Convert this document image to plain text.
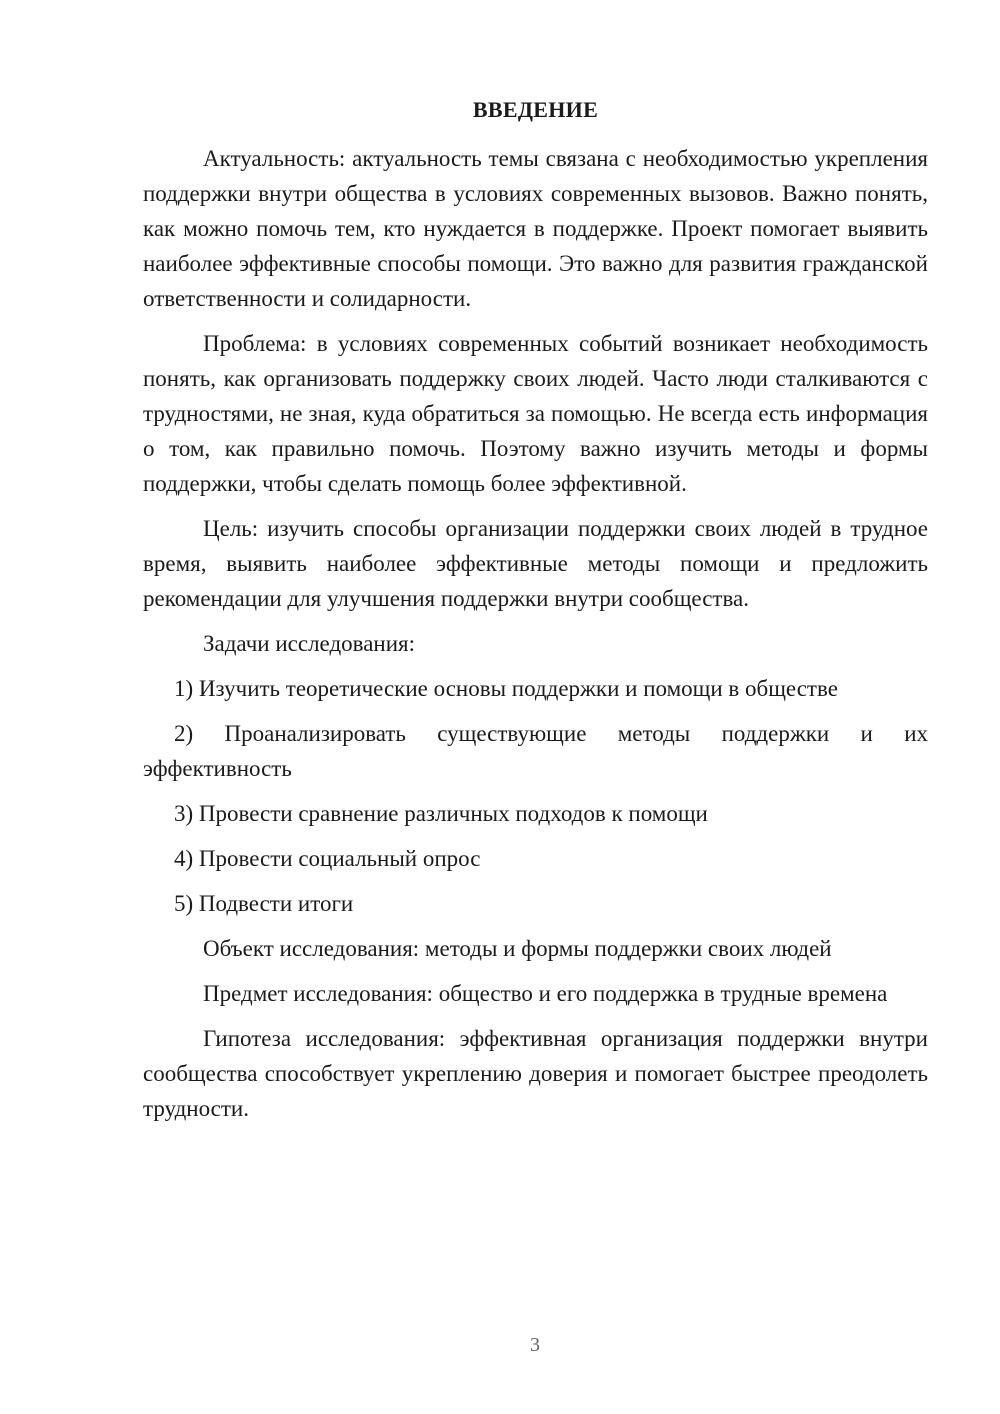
ВВЕДЕНИЕ

Актуальность: актуальность темы связана с необходимостью укрепления поддержки внутри общества в условиях современных вызовов. Важно понять, как можно помочь тем, кто нуждается в поддержке. Проект помогает выявить наиболее эффективные способы помощи. Это важно для развития гражданской ответственности и солидарности.

Проблема: в условиях современных событий возникает необходимость понять, как организовать поддержку своих людей. Часто люди сталкиваются с трудностями, не зная, куда обратиться за помощью. Не всегда есть информация о том, как правильно помочь. Поэтому важно изучить методы и формы поддержки, чтобы сделать помощь более эффективной.

Цель: изучить способы организации поддержки своих людей в трудное время, выявить наиболее эффективные методы помощи и предложить рекомендации для улучшения поддержки внутри сообщества.

Задачи исследования:

1) Изучить теоретические основы поддержки и помощи в обществе

2) Проанализировать существующие методы поддержки и их эффективность

3) Провести сравнение различных подходов к помощи

4) Провести социальный опрос

5) Подвести итоги

Объект исследования: методы и формы поддержки своих людей

Предмет исследования: общество и его поддержка в трудные времена

Гипотеза исследования: эффективная организация поддержки внутри сообщества способствует укреплению доверия и помогает быстрее преодолеть трудности.

3
